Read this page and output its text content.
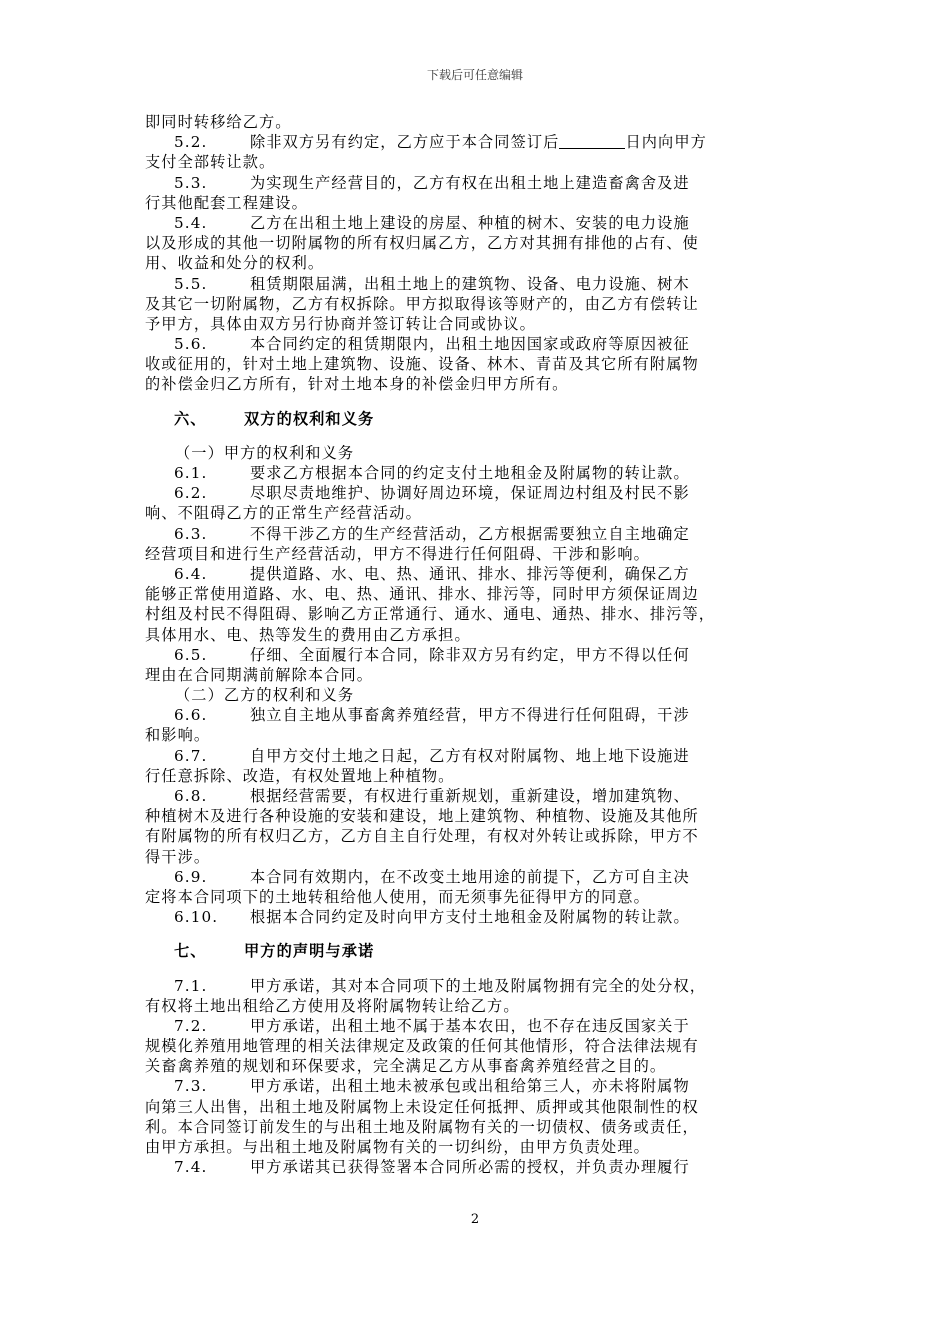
下载后可任意编辑
即同时转移给乙方。
5.2.	除非双方另有约定，乙方应于本合同签订后	日内向甲方
支付全部转让款。
5.3.	为实现生产经营目的，乙方有权在出租土地上建造畜禽舍及进
行其他配套工程建设。
5.4.	乙方在出租土地上建设的房屋、种植的树木、安装的电力设施
以及形成的其他一切附属物的所有权归属乙方，乙方对其拥有排他的占有、使
用、收益和处分的权利。
5.5.	租赁期限届满，出租土地上的建筑物、设备、电力设施、树木
及其它一切附属物，乙方有权拆除。甲方拟取得该等财产的，由乙方有偿转让
予甲方，具体由双方另行协商并签订转让合同或协议。
5.6.	本合同约定的租赁期限内，出租土地因国家或政府等原因被征
收或征用的，针对土地上建筑物、设施、设备、林木、青苗及其它所有附属物
的补偿金归乙方所有，针对土地本身的补偿金归甲方所有。
六、 双方的权利和义务
（一）甲方的权利和义务
6.1.	要求乙方根据本合同的约定支付土地租金及附属物的转让款。
6.2.	尽职尽责地维护、协调好周边环境，保证周边村组及村民不影
响、不阻碍乙方的正常生产经营活动。
6.3.	不得干涉乙方的生产经营活动，乙方根据需要独立自主地确定
经营项目和进行生产经营活动，甲方不得进行任何阻碍、干涉和影响。
6.4.	提供道路、水、电、热、通讯、排水、排污等便利，确保乙方
能够正常使用道路、水、电、热、通讯、排水、排污等，同时甲方须保证周边
村组及村民不得阻碍、影响乙方正常通行、通水、通电、通热、排水、排污等，
具体用水、电、热等发生的费用由乙方承担。
6.5.	仔细、全面履行本合同，除非双方另有约定，甲方不得以任何
理由在合同期满前解除本合同。
（二）乙方的权利和义务
6.6.	独立自主地从事畜禽养殖经营，甲方不得进行任何阻碍，干涉
和影响。
6.7.	自甲方交付土地之日起，乙方有权对附属物、地上地下设施进
行任意拆除、改造，有权处置地上种植物。
6.8.	根据经营需要，有权进行重新规划，重新建设，增加建筑物、
种植树木及进行各种设施的安装和建设，地上建筑物、种植物、设施及其他所
有附属物的所有权归乙方，乙方自主自行处理，有权对外转让或拆除，甲方不
得干涉。
6.9.	本合同有效期内，在不改变土地用途的前提下，乙方可自主决
定将本合同项下的土地转租给他人使用，而无须事先征得甲方的同意。
6.10. 根据本合同约定及时向甲方支付土地租金及附属物的转让款。
七、 甲方的声明与承诺
7.1.	甲方承诺，其对本合同项下的土地及附属物拥有完全的处分权，
有权将土地出租给乙方使用及将附属物转让给乙方。
7.2.	甲方承诺，出租土地不属于基本农田，也不存在违反国家关于
规模化养殖用地管理的相关法律规定及政策的任何其他情形，符合法律法规有
关畜禽养殖的规划和环保要求，完全满足乙方从事畜禽养殖经营之目的。
7.3.	甲方承诺，出租土地未被承包或出租给第三人，亦未将附属物
向第三人出售，出租土地及附属物上未设定任何抵押、质押或其他限制性的权
利。本合同签订前发生的与出租土地及附属物有关的一切债权、债务或责任，
由甲方承担。与出租土地及附属物有关的一切纠纷，由甲方负责处理。
7.4.	甲方承诺其已获得签署本合同所必需的授权，并负责办理履行
2
